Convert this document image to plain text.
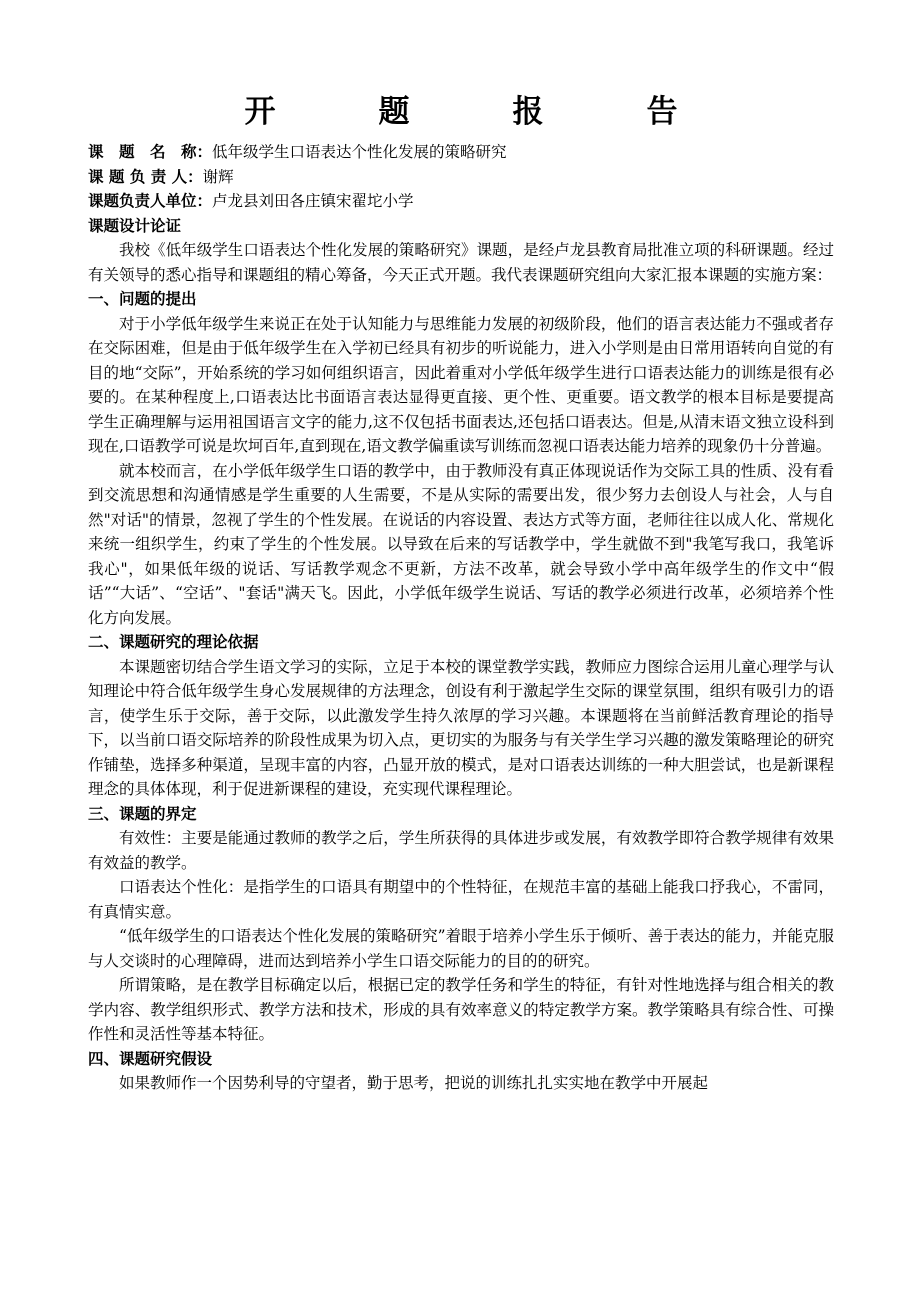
开　题　报　告
课　题　名　称：低年级学生口语表达个性化发展的策略研究
课 题 负 责 人：谢辉
课题负责人单位：卢龙县刘田各庄镇宋翟坨小学
课题设计论证

我校《低年级学生口语表达个性化发展的策略研究》课题，是经卢龙县教育局批准立项的科研课题。经过有关领导的悉心指导和课题组的精心筹备，今天正式开题。我代表课题研究组向大家汇报本课题的实施方案：

一、问题的提出

对于小学低年级学生来说正在处于认知能力与思维能力发展的初级阶段，他们的语言表达能力不强或者存在交际困难，但是由于低年级学生在入学初已经具有初步的听说能力，进入小学则是由日常用语转向自觉的有目的地“交际”，开始系统的学习如何组织语言，因此着重对小学低年级学生进行口语表达能力的训练是很有必要的。在某种程度上,口语表达比书面语言表达显得更直接、更个性、更重要。语文教学的根本目标是要提高学生正确理解与运用祖国语言文字的能力,这不仅包括书面表达,还包括口语表达。但是,从清末语文独立设科到现在,口语教学可说是坎坷百年,直到现在,语文教学偏重读写训练而忽视口语表达能力培养的现象仍十分普遍。

就本校而言，在小学低年级学生口语的教学中，由于教师没有真正体现说话作为交际工具的性质、没有看到交流思想和沟通情感是学生重要的人生需要，不是从实际的需要出发，很少努力去创设人与社会，人与自然"对话"的情景，忽视了学生的个性发展。在说话的内容设置、表达方式等方面，老师往往以成人化、常规化来统一组织学生，约束了学生的个性发展。以导致在后来的写话教学中，学生就做不到"我笔写我口，我笔诉我心"，如果低年级的说话、写话教学观念不更新，方法不改革，就会导致小学中高年级学生的作文中“假话”“大话”、“空话”、"套话"满天飞。因此，小学低年级学生说话、写话的教学必须进行改革，必须培养个性化方向发展。

二、课题研究的理论依据

本课题密切结合学生语文学习的实际，立足于本校的课堂教学实践，教师应力图综合运用儿童心理学与认知理论中符合低年级学生身心发展规律的方法理念，创设有利于激起学生交际的课堂氛围，组织有吸引力的语言，使学生乐于交际，善于交际，以此激发学生持久浓厚的学习兴趣。本课题将在当前鲜活教育理论的指导下，以当前口语交际培养的阶段性成果为切入点，更切实的为服务与有关学生学习兴趣的激发策略理论的研究作铺垫，选择多种渠道，呈现丰富的内容，凸显开放的模式，是对口语表达训练的一种大胆尝试，也是新课程理念的具体体现，利于促进新课程的建设，充实现代课程理论。

三、课题的界定

有效性：主要是能通过教师的教学之后，学生所获得的具体进步或发展，有效教学即符合教学规律有效果有效益的教学。

口语表达个性化：是指学生的口语具有期望中的个性特征，在规范丰富的基础上能我口抒我心，不雷同，有真情实意。

“低年级学生的口语表达个性化发展的策略研究”着眼于培养小学生乐于倾听、善于表达的能力，并能克服与人交谈时的心理障碍，进而达到培养小学生口语交际能力的目的的研究。

所谓策略，是在教学目标确定以后，根据已定的教学任务和学生的特征，有针对性地选择与组合相关的教学内容、教学组织形式、教学方法和技术，形成的具有效率意义的特定教学方案。教学策略具有综合性、可操作性和灵活性等基本特征。

四、课题研究假设

如果教师作一个因势利导的守望者，勤于思考，把说的训练扎扎实实地在教学中开展起
